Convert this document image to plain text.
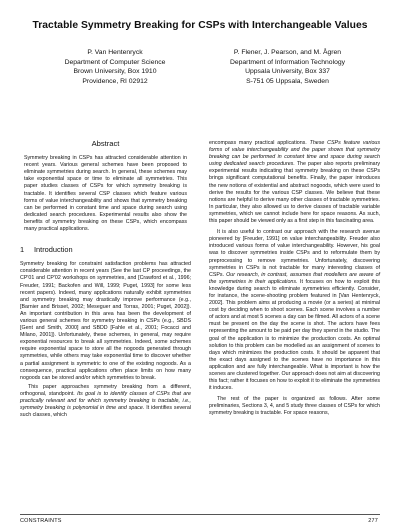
Tractable Symmetry Breaking for CSPs with Interchangeable Values
P. Van Hentenryck
Department of Computer Science
Brown University, Box 1910
Providence, RI 02912
P. Flener, J. Pearson, and M. Ågren
Department of Information Technology
Uppsala University, Box 337
S-751 05 Uppsala, Sweden
Abstract

Symmetry breaking in CSPs has attracted considerable attention in recent years. Various general schemes have been proposed to eliminate symmetries during search. In general, these schemes may take exponential space or time to eliminate all symmetries. This paper studies classes of CSPs for which symmetry breaking is tractable. It identifies several CSP classes which feature various forms of value interchangeability and shows that symmetry breaking can be performed in constant time and space during search using dedicated search procedures. Experimental results also show the benefits of symmetry breaking on these CSPs, which encompass many practical applications.

1 Introduction

Symmetry breaking for constraint satisfaction problems has attracted considerable attention in recent years (See the last CP proceedings, the CP'01 and CP'02 workshops on symmetries, and [Crawford et al., 1996; Freuder, 1991; Backofen and Will, 1999; Puget, 1993] for some less recent papers). Indeed, many applications naturally exhibit symmetries and symmetry breaking may drastically improve performance (e.g., [Barnier and Brisset, 2002; Meseguer and Torras, 2001; Puget, 2002]). An important contribution in this area has been the development of various general schemes for symmetry breaking in CSPs (e.g., SBDS [Gent and Smith, 2000] and SBDD [Fahle et al., 2001; Focacci and Milano, 2001]). Unfortunately, these schemes, in general, may require exponential resources to break all symmetries. Indeed, some schemes require exponential space to store all the nogoods generated through symmetries, while others may take exponential time to discover whether a partial assignment is symmetric to one of the existing nogoods. As a consequence, practical applications often place limits on how many nogoods can be stored and/or which symmetries to break.

This paper approaches symmetry breaking from a different, orthogonal, standpoint. Its goal is to identify classes of CSPs that are practically relevant and for which symmetry breaking is tractable, i.e., symmetry breaking is polynomial in time and space. It identifies several such classes, which

encompass many practical applications. These CSPs feature various forms of value interchangeability and the paper shows that symmetry breaking can be performed in constant time and space during search using dedicated search procedures. The paper also reports preliminary experimental results indicating that symmetry breaking on these CSPs brings significant computational benefits. Finally, the paper introduces the new notions of existential and abstract nogoods, which were used to derive the results for the various CSP classes. We believe that these notions are helpful to derive many other classes of tractable symmetries. In particular, they also allowed us to derive classes of tractable variable symmetries, which we cannot include here for space reasons. As such, this paper should be viewed only as a first step in this fascinating area.

It is also useful to contrast our approach with the research avenue pioneered by [Freuder, 1991] on value interchangeability. Freuder also introduced various forms of value interchangeability. However, his goal was to discover symmetries inside CSPs and to reformulate them by preprocessing to remove symmetries. Unfortunately, discovering symmetries in CSPs is not tractable for many interesting classes of CSPs. Our research, in contrast, assumes that modellers are aware of the symmetries in their applications. It focuses on how to exploit this knowledge during search to eliminate symmetries efficiently. Consider, for instance, the scene-shooting problem featured in [Van Hentenryck, 2002]. This problem aims at producing a movie (or a series) at minimal cost by deciding when to shoot scenes. Each scene involves a number of actors and at most 5 scenes a day can be filmed. All actors of a scene must be present on the day the scene is shot. The actors have fees representing the amount to be paid per day they spend in the studio. The goal of the application is to minimize the production costs. An optimal solution to this problem can be modelled as an assignment of scenes to days which minimizes the production costs. It should be apparent that the exact days assigned to the scenes have no importance in this application and are fully interchangeable. What is important is how the scenes are clustered together. Our approach does not aim at discovering this fact; rather it focuses on how to exploit it to eliminate the symmetries it induces.

The rest of the paper is organized as follows. After some preliminaries, Sections 3, 4, and 5 study three classes of CSPs for which symmetry breaking is tractable. For space reasons,

CONSTRAINTS	277
